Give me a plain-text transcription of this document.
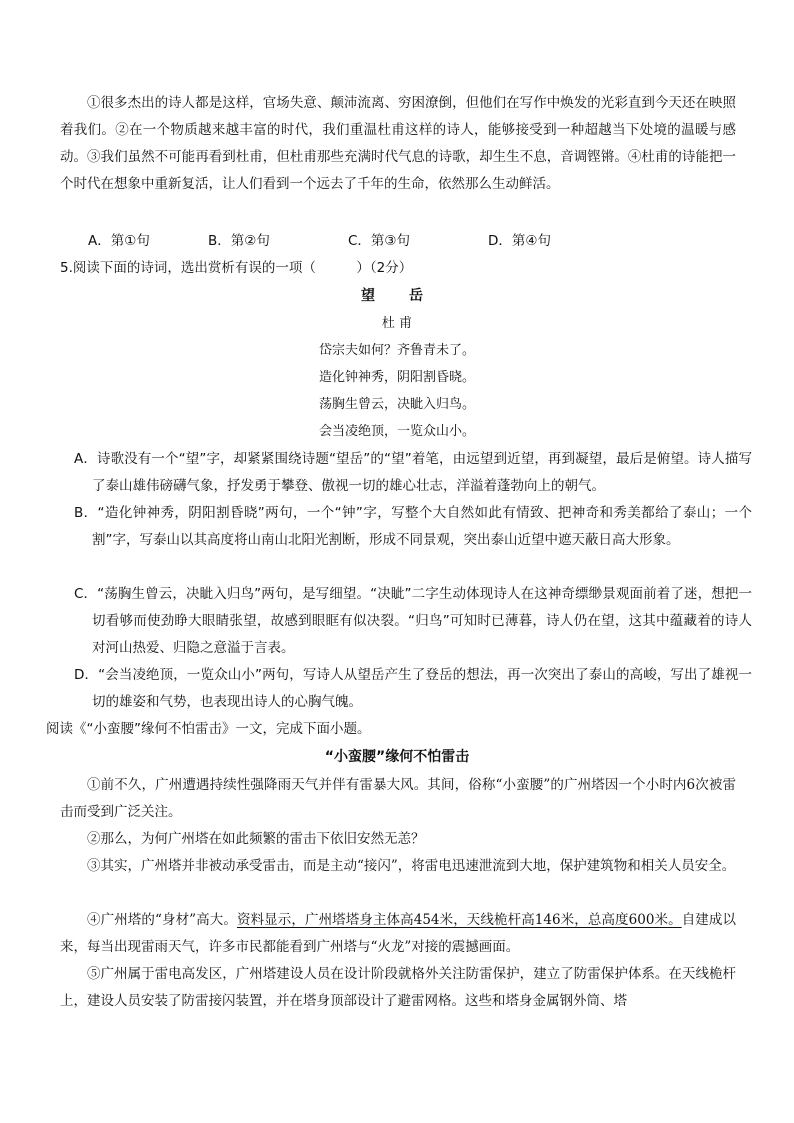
①很多杰出的诗人都是这样，官场失意、颠沛流离、穷困潦倒，但他们在写作中焕发的光彩直到今天还在映照着我们。②在一个物质越来越丰富的时代，我们重温杜甫这样的诗人，能够接受到一种超越当下处境的温暖与感动。③我们虽然不可能再看到杜甫，但杜甫那些充满时代气息的诗歌，却生生不息，音调铿锵。④杜甫的诗能把一个时代在想象中重新复活，让人们看到一个远去了千年的生命，依然那么生动鲜活。

A．第①句	B．第②句	C．第③句	D．第④句

5.阅读下面的诗词，选出赏析有误的一项（　　　）（2分）

望　岳
杜 甫
岱宗夫如何？齐鲁青未了。
造化钟神秀，阴阳割昏晓。
荡胸生曾云，决眦入归鸟。
会当凌绝顶，一览众山小。

A．诗歌没有一个“望”字，却紧紧围绕诗题“望岳”的“望”着笔，由远望到近望，再到凝望，最后是俯望。诗人描写了泰山雄伟磅礴气象，抒发勇于攀登、傲视一切的雄心壮志，洋溢着蓬勃向上的朝气。

B．“造化钟神秀，阴阳割昏晓”两句，一个“钟”字，写整个大自然如此有情致、把神奇和秀美都给了泰山；一个割”字，写泰山以其高度将山南山北阳光割断，形成不同景观，突出泰山近望中遮天蔽日高大形象。

C．“荡胸生曾云，决眦入归鸟”两句，是写细望。“决眦”二字生动体现诗人在这神奇缥缈景观面前着了迷，想把一切看够而使劲睁大眼睛张望，故感到眼眶有似决裂。“归鸟”可知时已薄暮，诗人仍在望，这其中蕴藏着的诗人对河山热爱、归隐之意溢于言表。

D．“会当凌绝顶，一览众山小”两句，写诗人从望岳产生了登岳的想法，再一次突出了泰山的高峻，写出了雄视一切的雄姿和气势，也表现出诗人的心胸气魄。

阅读《“小蛮腰”缘何不怕雷击》一文，完成下面小题。

“小蛮腰”缘何不怕雷击

①前不久，广州遭遇持续性强降雨天气并伴有雷暴大风。其间，俗称“小蛮腰”的广州塔因一个小时内6次被雷击而受到广泛关注。

②那么，为何广州塔在如此频繁的雷击下依旧安然无恙？

③其实，广州塔并非被动承受雷击，而是主动“接闪”，将雷电迅速泄流到大地，保护建筑物和相关人员安全。

④广州塔的“身材”高大。资料显示，广州塔塔身主体高454米，天线桅杆高146米，总高度600米。自建成以来，每当出现雷雨天气，许多市民都能看到广州塔与“火龙”对接的震撼画面。

⑤广州属于雷电高发区，广州塔建设人员在设计阶段就格外关注防雷保护，建立了防雷保护体系。在天线桅杆上，建设人员安装了防雷接闪装置，并在塔身顶部设计了避雷网格。这些和塔身金属钢外筒、塔
